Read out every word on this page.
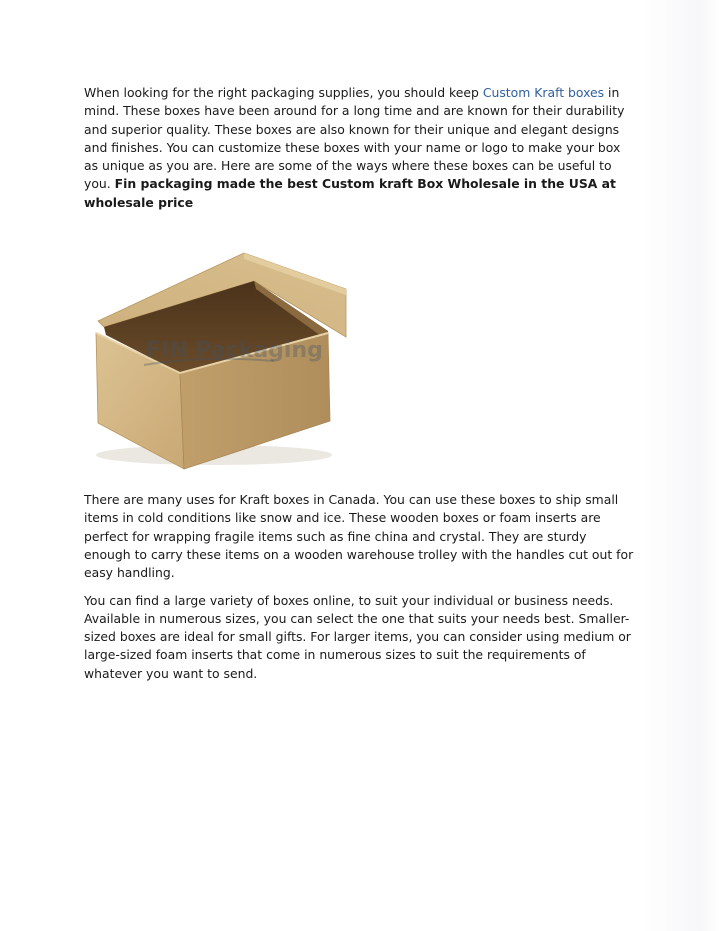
When looking for the right packaging supplies, you should keep Custom Kraft boxes in mind. These boxes have been around for a long time and are known for their durability and superior quality. These boxes are also known for their unique and elegant designs and finishes. You can customize these boxes with your name or logo to make your box as unique as you are. Here are some of the ways where these boxes can be useful to you. Fin packaging made the best Custom kraft Box Wholesale in the USA at wholesale price

FIN Packaging

There are many uses for Kraft boxes in Canada. You can use these boxes to ship small items in cold conditions like snow and ice. These wooden boxes or foam inserts are perfect for wrapping fragile items such as fine china and crystal. They are sturdy enough to carry these items on a wooden warehouse trolley with the handles cut out for easy handling.

You can find a large variety of boxes online, to suit your individual or business needs. Available in numerous sizes, you can select the one that suits your needs best. Smaller-sized boxes are ideal for small gifts. For larger items, you can consider using medium or large-sized foam inserts that come in numerous sizes to suit the requirements of whatever you want to send.
